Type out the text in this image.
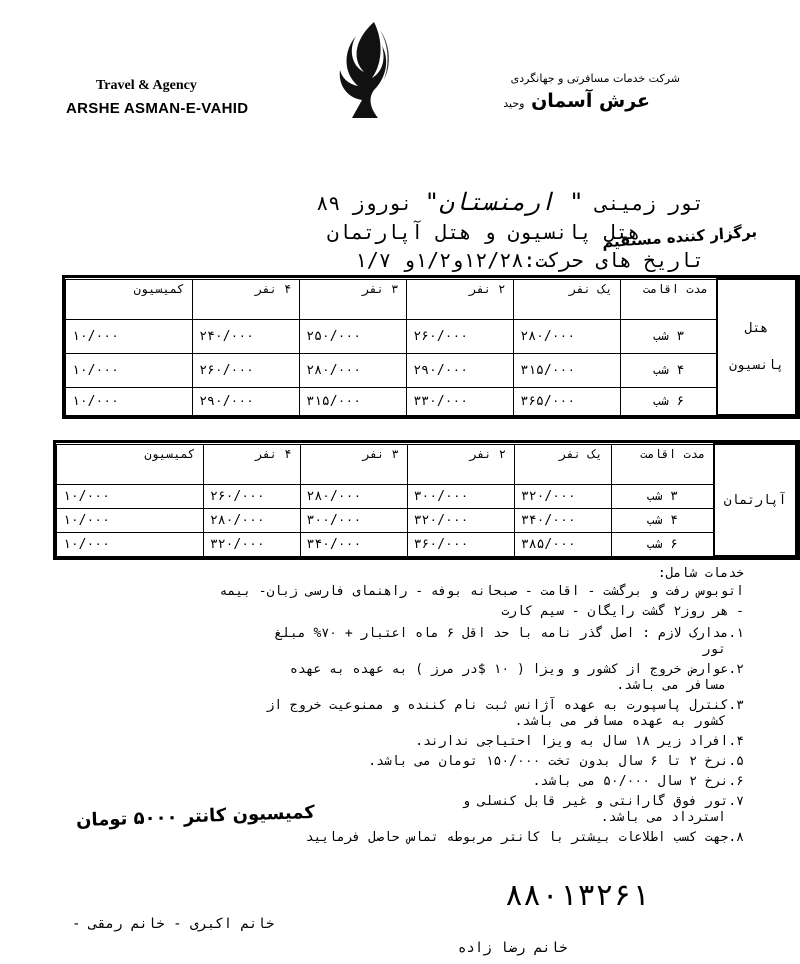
Travel & Agency
ARSHE ASMAN-E-VAHID
شرکت خدمات مسافرتی و جهانگردی
عرش آسمان وحید
تور زمینی " ارمنستان" نوروز ۸۹
هتل پانسیون و هتل آپارتمان
تاریخ های حرکت:۱۲/۲۸و۱/۲و ۱/۷
برگزار کننده مستقیم
هتل
پانسیون	مدت اقامت	یک نفر	۲ نفر	۳ نفر	۴ نفر	کمیسیون
	۳ شب	۲۸۰/۰۰۰	۲۶۰/۰۰۰	۲۵۰/۰۰۰	۲۴۰/۰۰۰	۱۰/۰۰۰
	۴ شب	۳۱۵/۰۰۰	۲۹۰/۰۰۰	۲۸۰/۰۰۰	۲۶۰/۰۰۰	۱۰/۰۰۰
	۶ شب	۳۶۵/۰۰۰	۳۳۰/۰۰۰	۳۱۵/۰۰۰	۲۹۰/۰۰۰	۱۰/۰۰۰
آپارتمان	مدت اقامت	یک نفر	۲ نفر	۳ نفر	۴ نفر	کمیسیون
	۳ شب	۳۲۰/۰۰۰	۳۰۰/۰۰۰	۲۸۰/۰۰۰	۲۶۰/۰۰۰	۱۰/۰۰۰
	۴ شب	۳۴۰/۰۰۰	۳۲۰/۰۰۰	۳۰۰/۰۰۰	۲۸۰/۰۰۰	۱۰/۰۰۰
	۶ شب	۳۸۵/۰۰۰	۳۶۰/۰۰۰	۳۴۰/۰۰۰	۳۲۰/۰۰۰	۱۰/۰۰۰
خدمات شامل:
اتوبوس رفت و برگشت - اقامت - صبحانه بوفه - راهنمای فارسی زبان- بیمه
- هر روز۲ گشت رایگان - سیم کارت
۱.مدارک لازم : اصل گذر نامه با حد اقل ۶ ماه اعتبار + ۷۰% مبلغ
تور
۲.عوارض خروج از کشور و ویزا ( ۱۰ $در مرز ) به عهده به عهده
مسافر می باشد.
۳.کنترل پاسپورت به عهده آژانس ثبت نام کننده و ممنوعیت خروج از
کشور به عهده مسافر می باشد.
۴.افراد زیر ۱۸ سال به ویزا احتیاجی ندارند.
۵.نرخ ۲ تا ۶ سال بدون تخت ۱۵۰/۰۰۰ تومان می باشد.
۶.نرخ ۲ سال ۵۰/۰۰۰ می باشد.
۷.تور فوق گارانتی و غیر قابل کنسلی و
استرداد می باشد.
۸.جهت کسب اطلاعات بیشتر با کانتر مربوطه تماس حاصل فرمایید
کمیسیون کانتر ۵۰۰۰ تومان
۸۸۰۱۳۲۶۱
خانم اکبری - خانم رمقی -
خانم رضا زاده
